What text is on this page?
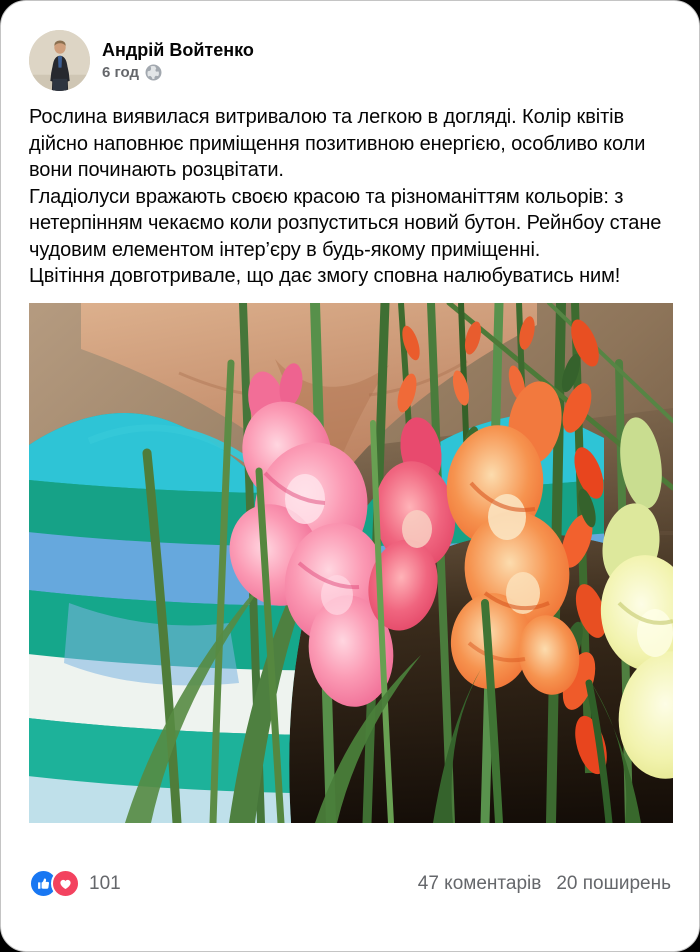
Андрій Войтенко
6 год

Рослина виявилася витривалою та легкою в догляді. Колір квітів дійсно наповнює приміщення позитивною енергією, особливо коли вони починають розцвітати.

Гладіолуси вражають своєю красою та різноманіттям кольорів: з нетерпінням чекаємо коли розпуститься новий бутон. Рейнбоу стане чудовим елементом інтер’єру в будь-якому приміщенні.

Цвітіння довготривале, що дає змогу сповна налюбуватись ним!

101	47 коментарів 20 поширень
